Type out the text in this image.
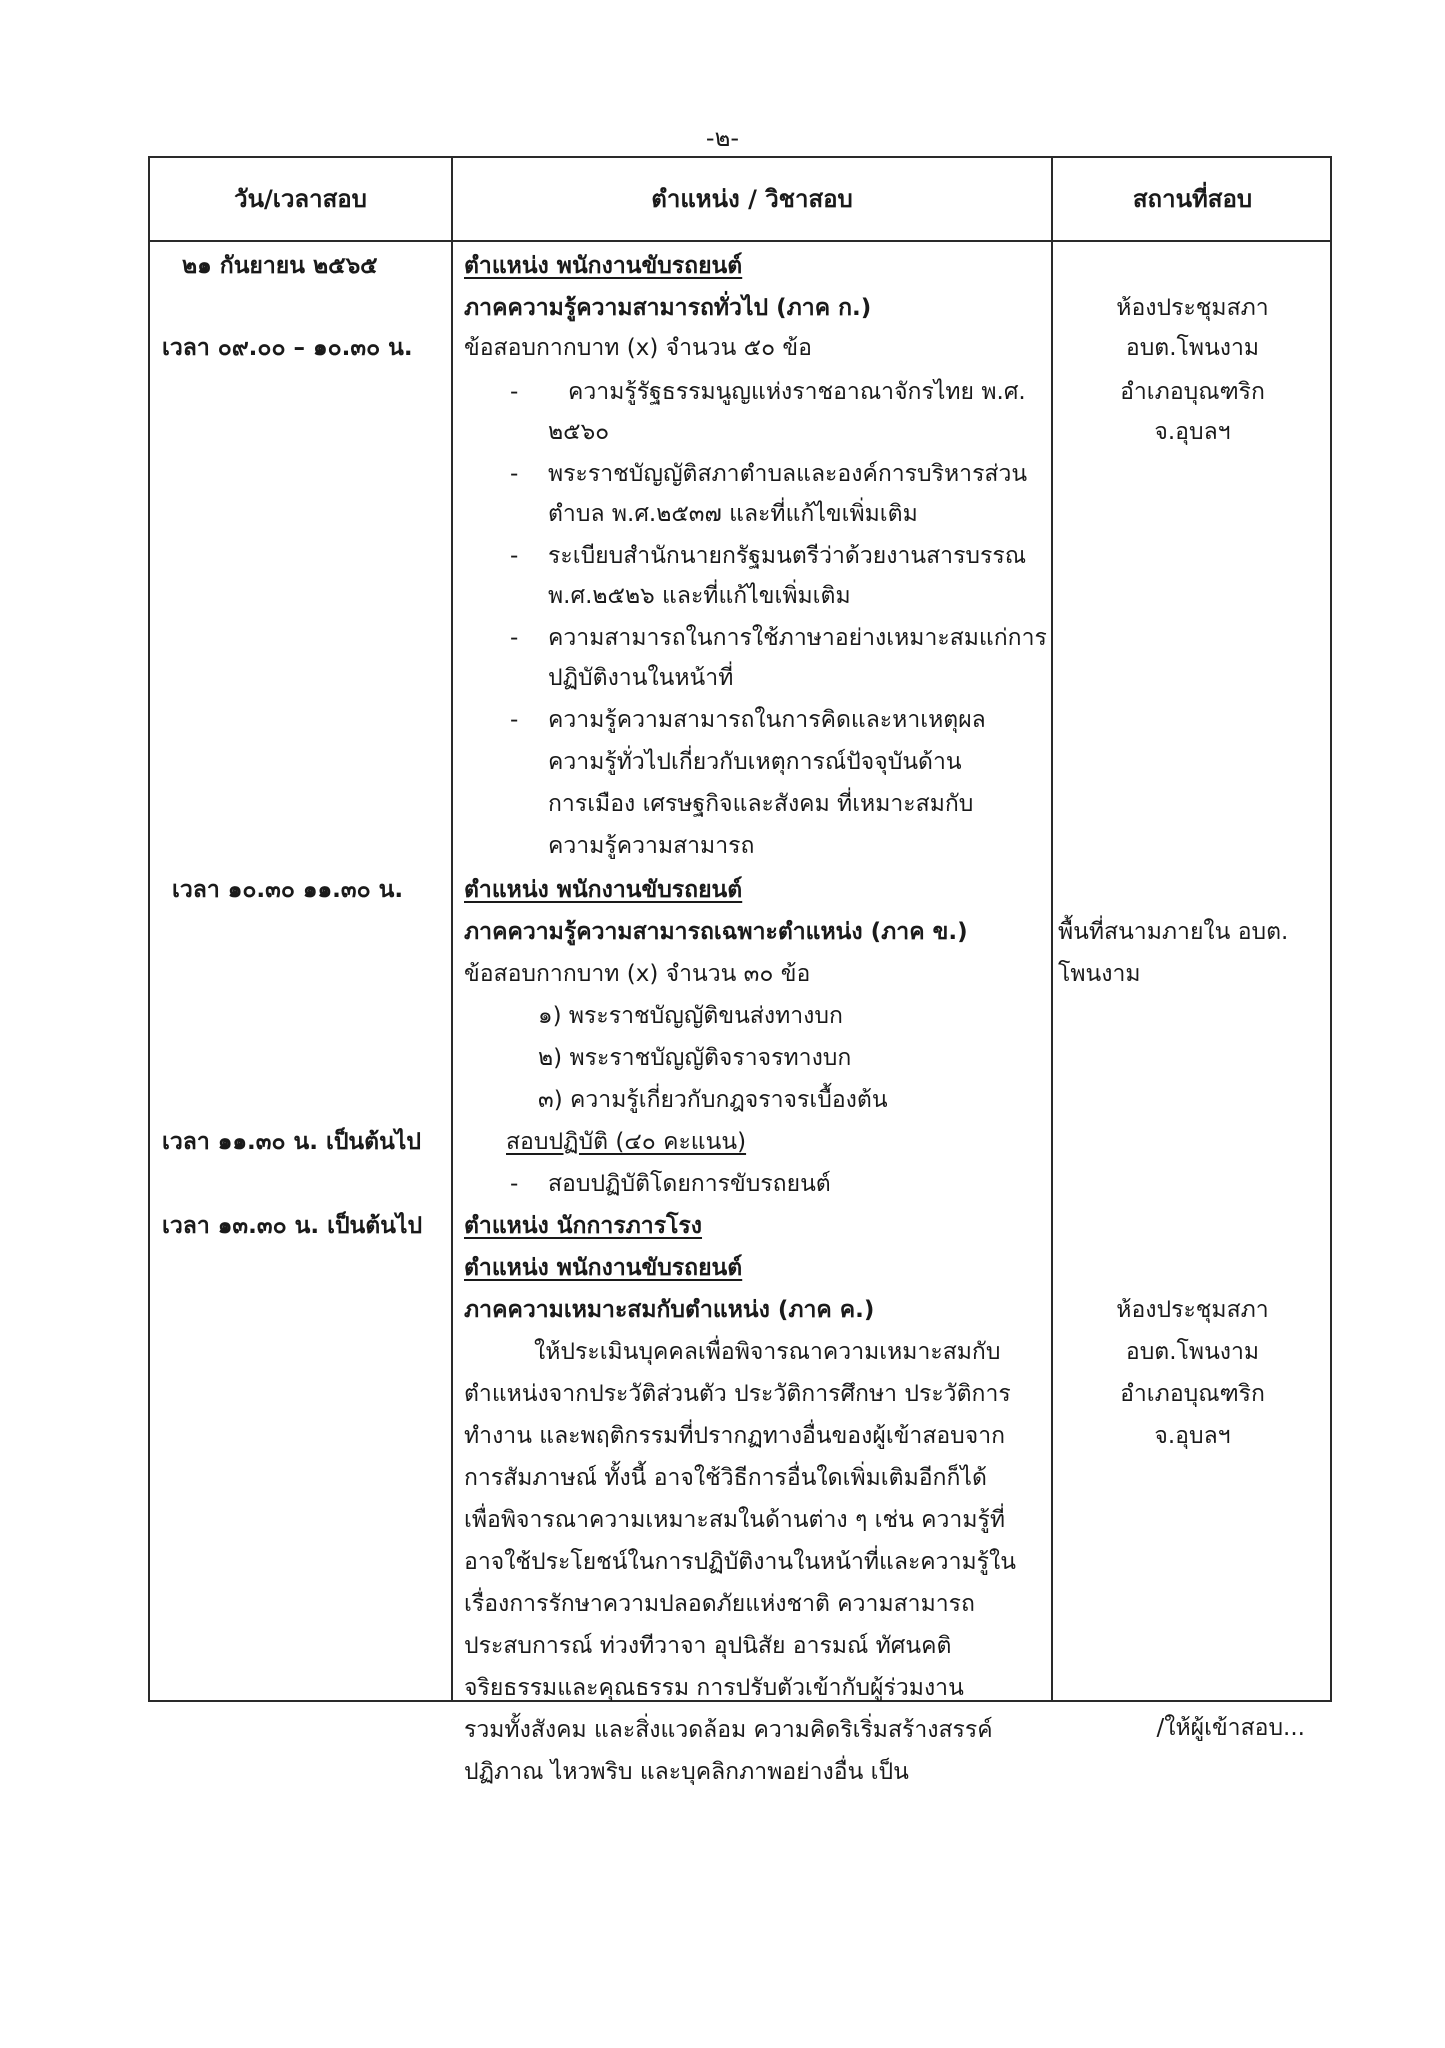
-๒-
วัน/เวลาสอบ	ตำแหน่ง / วิชาสอบ	สถานที่สอบ
๒๑ กันยายน ๒๕๖๕
เวลา ๐๙.๐๐ – ๑๐.๓๐ น.
เวลา ๑๐.๓๐ ๑๑.๓๐ น.
เวลา ๑๑.๓๐ น. เป็นต้นไป
เวลา ๑๓.๓๐ น. เป็นต้นไป
ตำแหน่ง พนักงานขับรถยนต์
ภาคความรู้ความสามารถทั่วไป (ภาค ก.)
ข้อสอบกากบาท (x) จำนวน ๕๐ ข้อ
- ความรู้รัฐธรรมนูญแห่งราชอาณาจักรไทย พ.ศ.
๒๕๖๐
- พระราชบัญญัติสภาตำบลและองค์การบริหารส่วน
ตำบล พ.ศ.๒๕๓๗ และที่แก้ไขเพิ่มเติม
- ระเบียบสำนักนายกรัฐมนตรีว่าด้วยงานสารบรรณ
พ.ศ.๒๕๒๖ และที่แก้ไขเพิ่มเติม
- ความสามารถในการใช้ภาษาอย่างเหมาะสมแก่การ
ปฏิบัติงานในหน้าที่
- ความรู้ความสามารถในการคิดและหาเหตุผล
ความรู้ทั่วไปเกี่ยวกับเหตุการณ์ปัจจุบันด้าน
การเมือง เศรษฐกิจและสังคม ที่เหมาะสมกับ
ความรู้ความสามารถ
ห้องประชุมสภา
อบต.โพนงาม
อำเภอบุณฑริก
จ.อุบลฯ
ตำแหน่ง พนักงานขับรถยนต์
ภาคความรู้ความสามารถเฉพาะตำแหน่ง (ภาค ข.)
ข้อสอบกากบาท (x) จำนวน ๓๐ ข้อ
๑) พระราชบัญญัติขนส่งทางบก
๒) พระราชบัญญัติจราจรทางบก
๓) ความรู้เกี่ยวกับกฎจราจรเบื้องต้น
สอบปฏิบัติ (๔๐ คะแนน)
- สอบปฏิบัติโดยการขับรถยนต์
พื้นที่สนามภายใน อบต.
โพนงาม
ตำแหน่ง นักการภารโรง
ตำแหน่ง พนักงานขับรถยนต์
ภาคความเหมาะสมกับตำแหน่ง (ภาค ค.)
ให้ประเมินบุคคลเพื่อพิจารณาความเหมาะสมกับ
ตำแหน่งจากประวัติส่วนตัว ประวัติการศึกษา ประวัติการ
ทำงาน และพฤติกรรมที่ปรากฏทางอื่นของผู้เข้าสอบจาก
การสัมภาษณ์ ทั้งนี้ อาจใช้วิธีการอื่นใดเพิ่มเติมอีกก็ได้
เพื่อพิจารณาความเหมาะสมในด้านต่าง ๆ เช่น ความรู้ที่
อาจใช้ประโยชน์ในการปฏิบัติงานในหน้าที่และความรู้ใน
เรื่องการรักษาความปลอดภัยแห่งชาติ ความสามารถ
ประสบการณ์ ท่วงทีวาจา อุปนิสัย อารมณ์ ทัศนคติ
จริยธรรมและคุณธรรม การปรับตัวเข้ากับผู้ร่วมงาน
รวมทั้งสังคม และสิ่งแวดล้อม ความคิดริเริ่มสร้างสรรค์
ปฏิภาณ ไหวพริบ และบุคลิกภาพอย่างอื่น เป็น
ห้องประชุมสภา
อบต.โพนงาม
อำเภอบุณฑริก
จ.อุบลฯ
/ให้ผู้เข้าสอบ...
